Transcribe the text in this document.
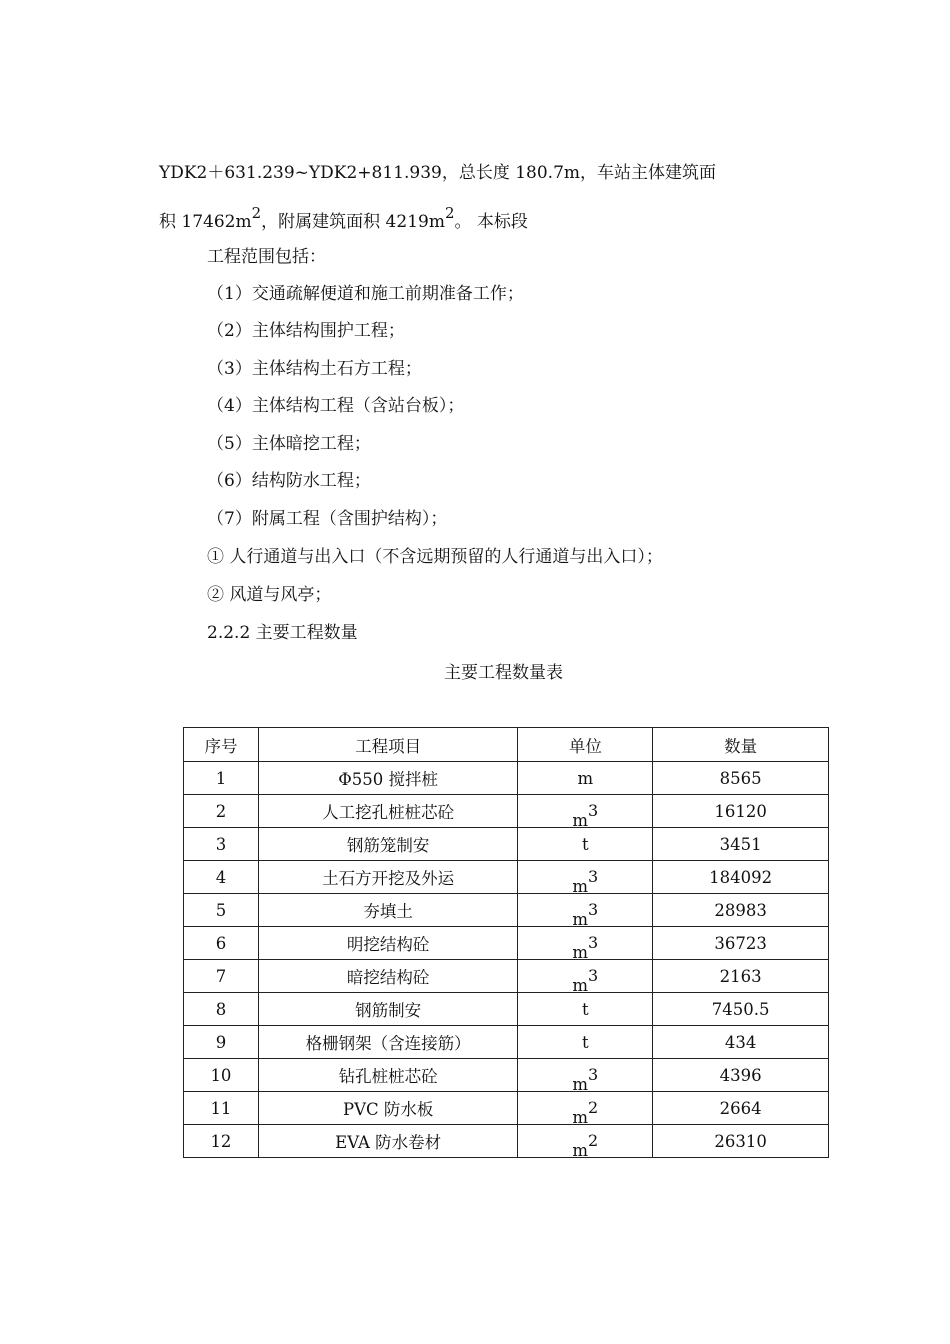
YDK2＋631.239~YDK2+811.939，总长度 180.7m，车站主体建筑面
积 17462m2，附属建筑面积 4219m2。 本标段
工程范围包括：
（1）交通疏解便道和施工前期准备工作；
（2）主体结构围护工程；
（3）主体结构土石方工程；
（4）主体结构工程（含站台板）；
（5）主体暗挖工程；
（6）结构防水工程；
（7）附属工程（含围护结构）；
① 人行通道与出入口（不含远期预留的人行通道与出入口）；
② 风道与风亭；
2.2.2 主要工程数量
主要工程数量表
序号	工程项目	单位	数量
1	Φ550 搅拌桩	m	8565
2	人工挖孔桩桩芯砼	m3	16120
3	钢筋笼制安	t	3451
4	土石方开挖及外运	m3	184092
5	夯填土	m3	28983
6	明挖结构砼	m3	36723
7	暗挖结构砼	m3	2163
8	钢筋制安	t	7450.5
9	格栅钢架（含连接筋）	t	434
10	钻孔桩桩芯砼	m3	4396
11	PVC 防水板	m2	2664
12	EVA 防水卷材	m2	26310
